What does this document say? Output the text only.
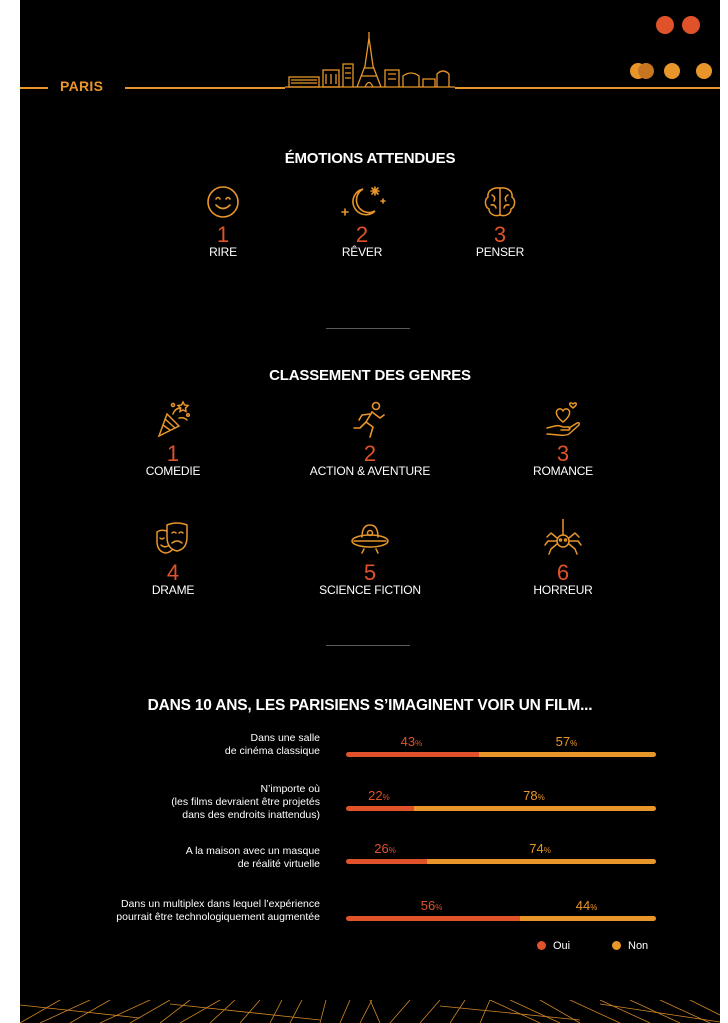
PARIS
ÉMOTIONS ATTENDUES
1
RIRE
2
RÊVER
3
PENSER
CLASSEMENT DES GENRES
1
COMEDIE
2
ACTION & AVENTURE
3
ROMANCE
4
DRAME
5
SCIENCE FICTION
6
HORREUR
DANS 10 ANS, LES PARISIENS S’IMAGINENT VOIR UN FILM...
Oui	Non
Dans une salle
de cinéma classique
43%	57%
N’importe où
(les films devraient être projetés
dans des endroits inattendus)
22%	78%
A la maison avec un masque
de réalité virtuelle
26%	74%
Dans un multiplex dans lequel l’expérience
pourrait être technologiquement augmentée
56%	44%
